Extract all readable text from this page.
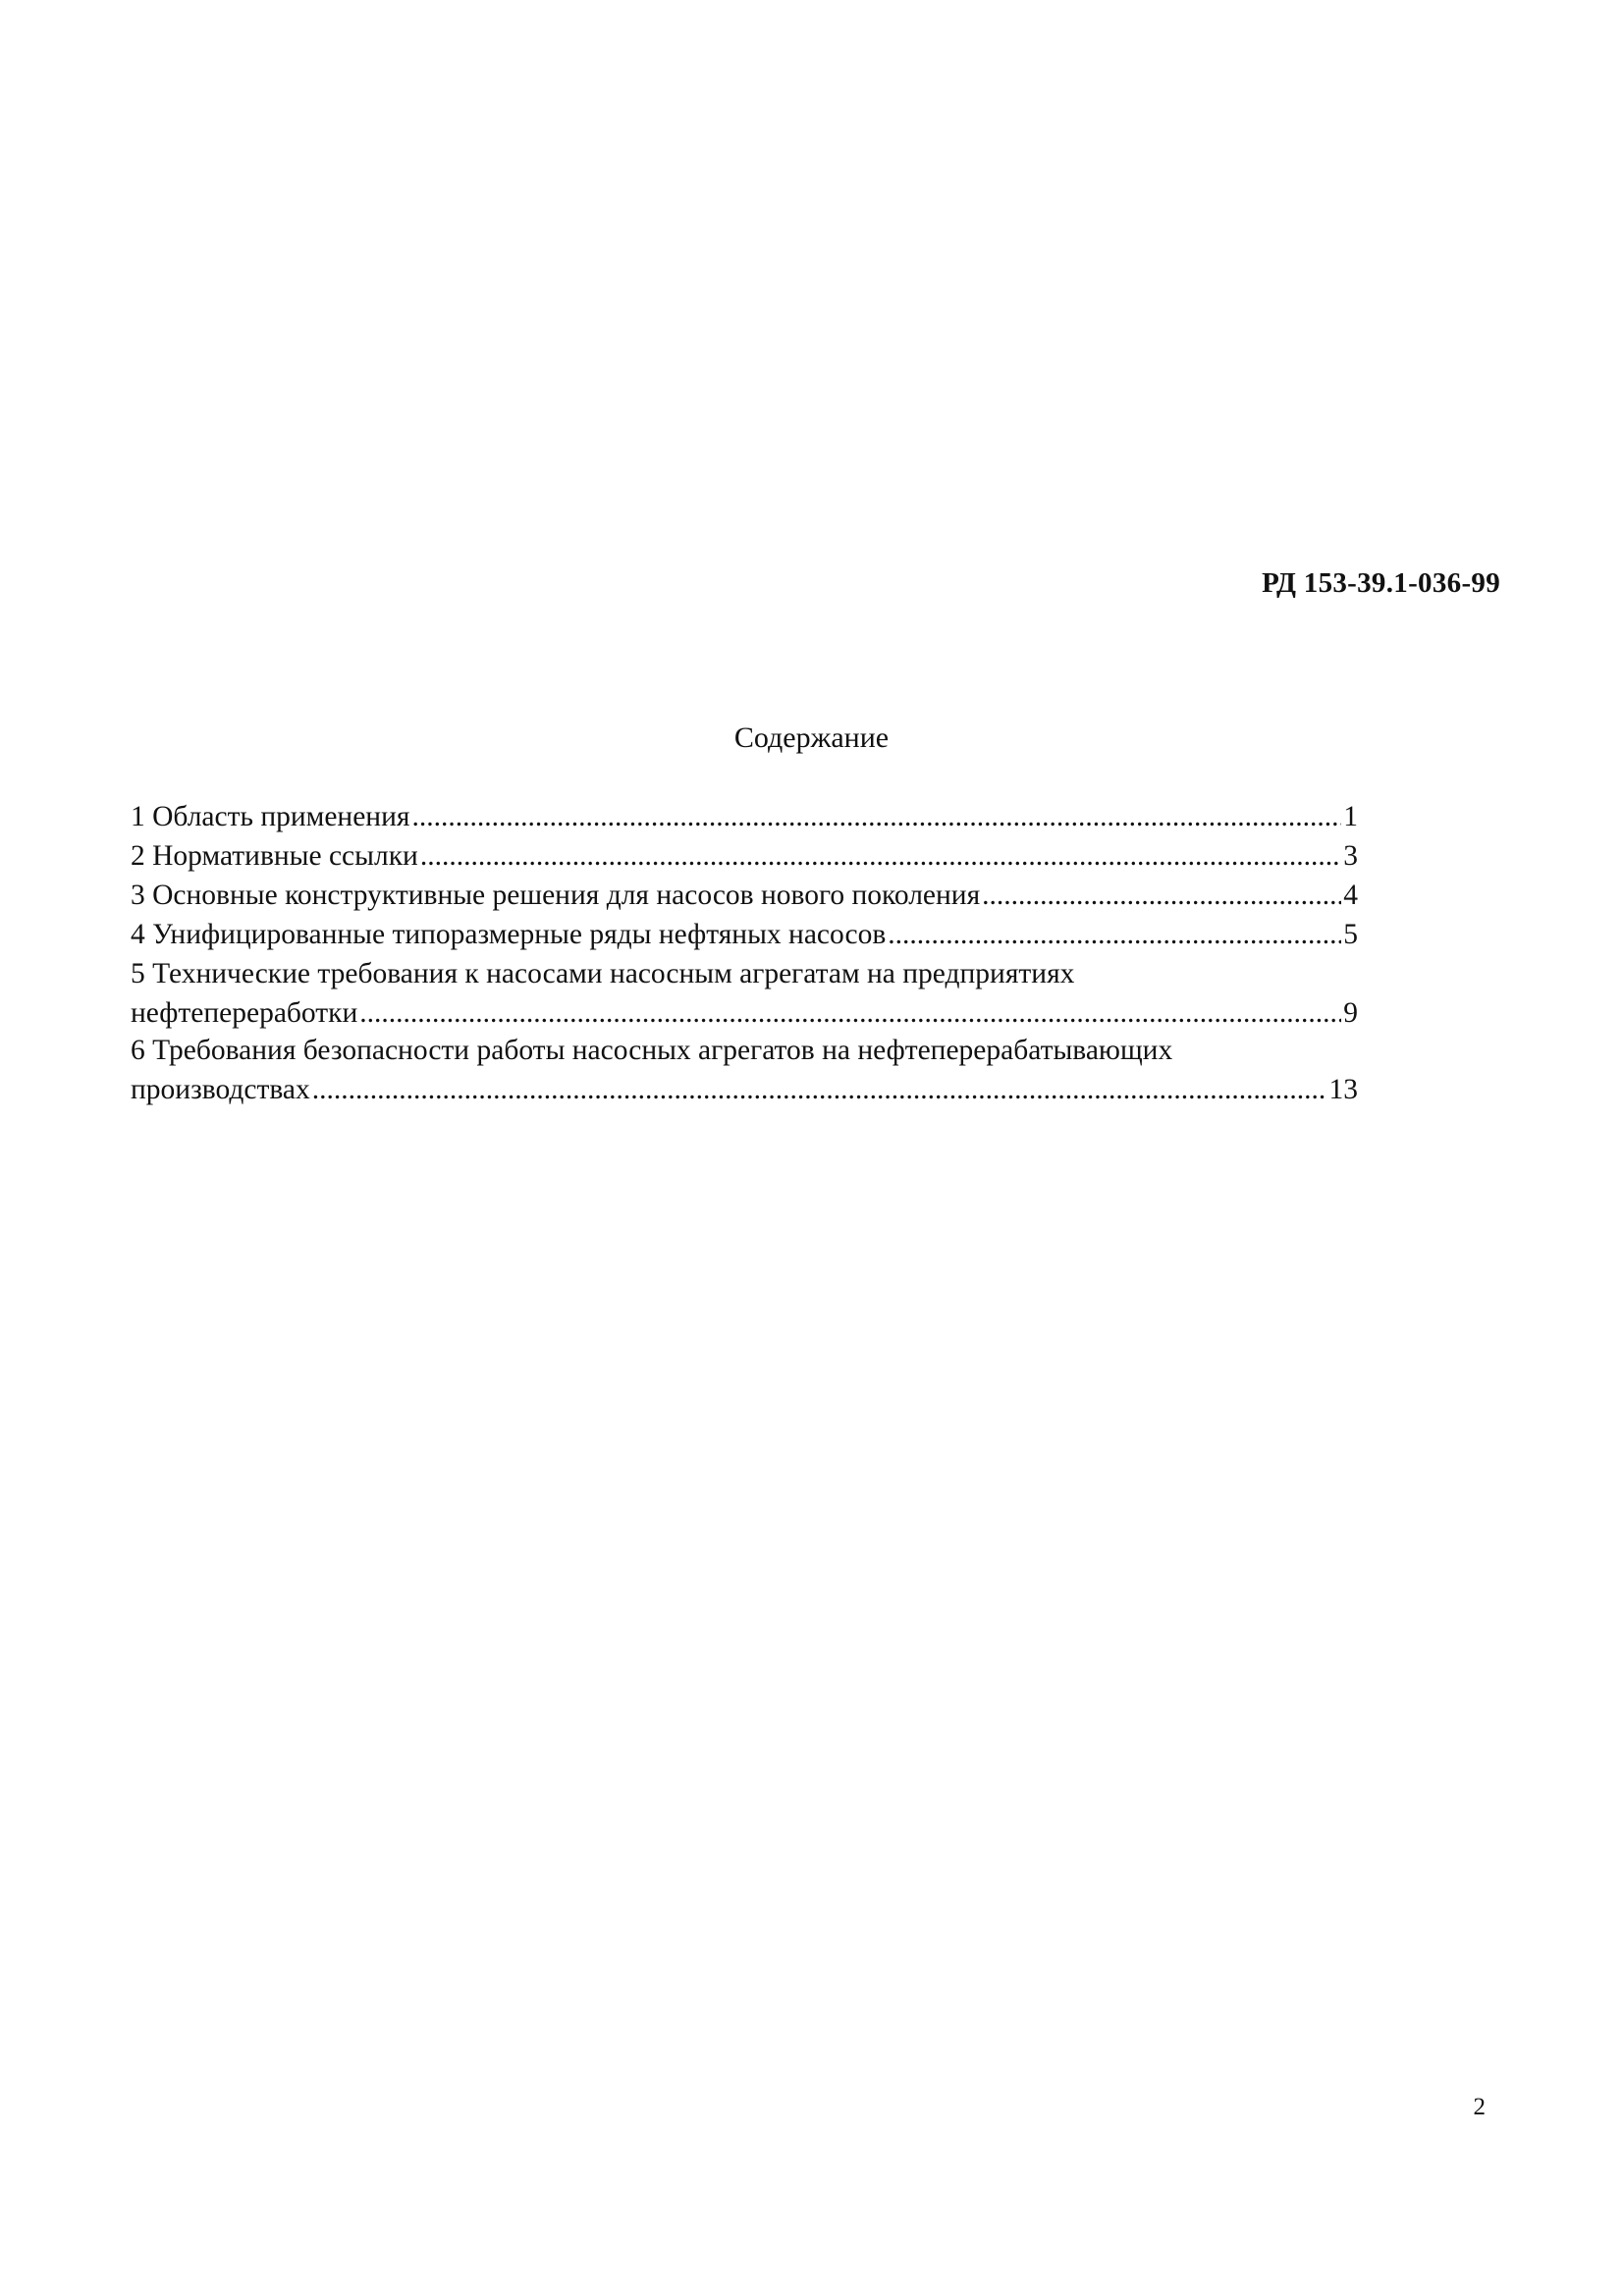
РД 153-39.1-036-99
Содержание
1 Область применения .....	1
2 Нормативные ссылки .....	3
3 Основные конструктивные решения для насосов нового поколения .....	4
4 Унифицированные типоразмерные ряды нефтяных насосов .....	5
5 Технические требования к насосами насосным агрегатам на предприятиях
нефтепереработки .....	9
6 Требования безопасности работы насосных агрегатов на нефтеперерабатывающих
производствах .....	13
2
